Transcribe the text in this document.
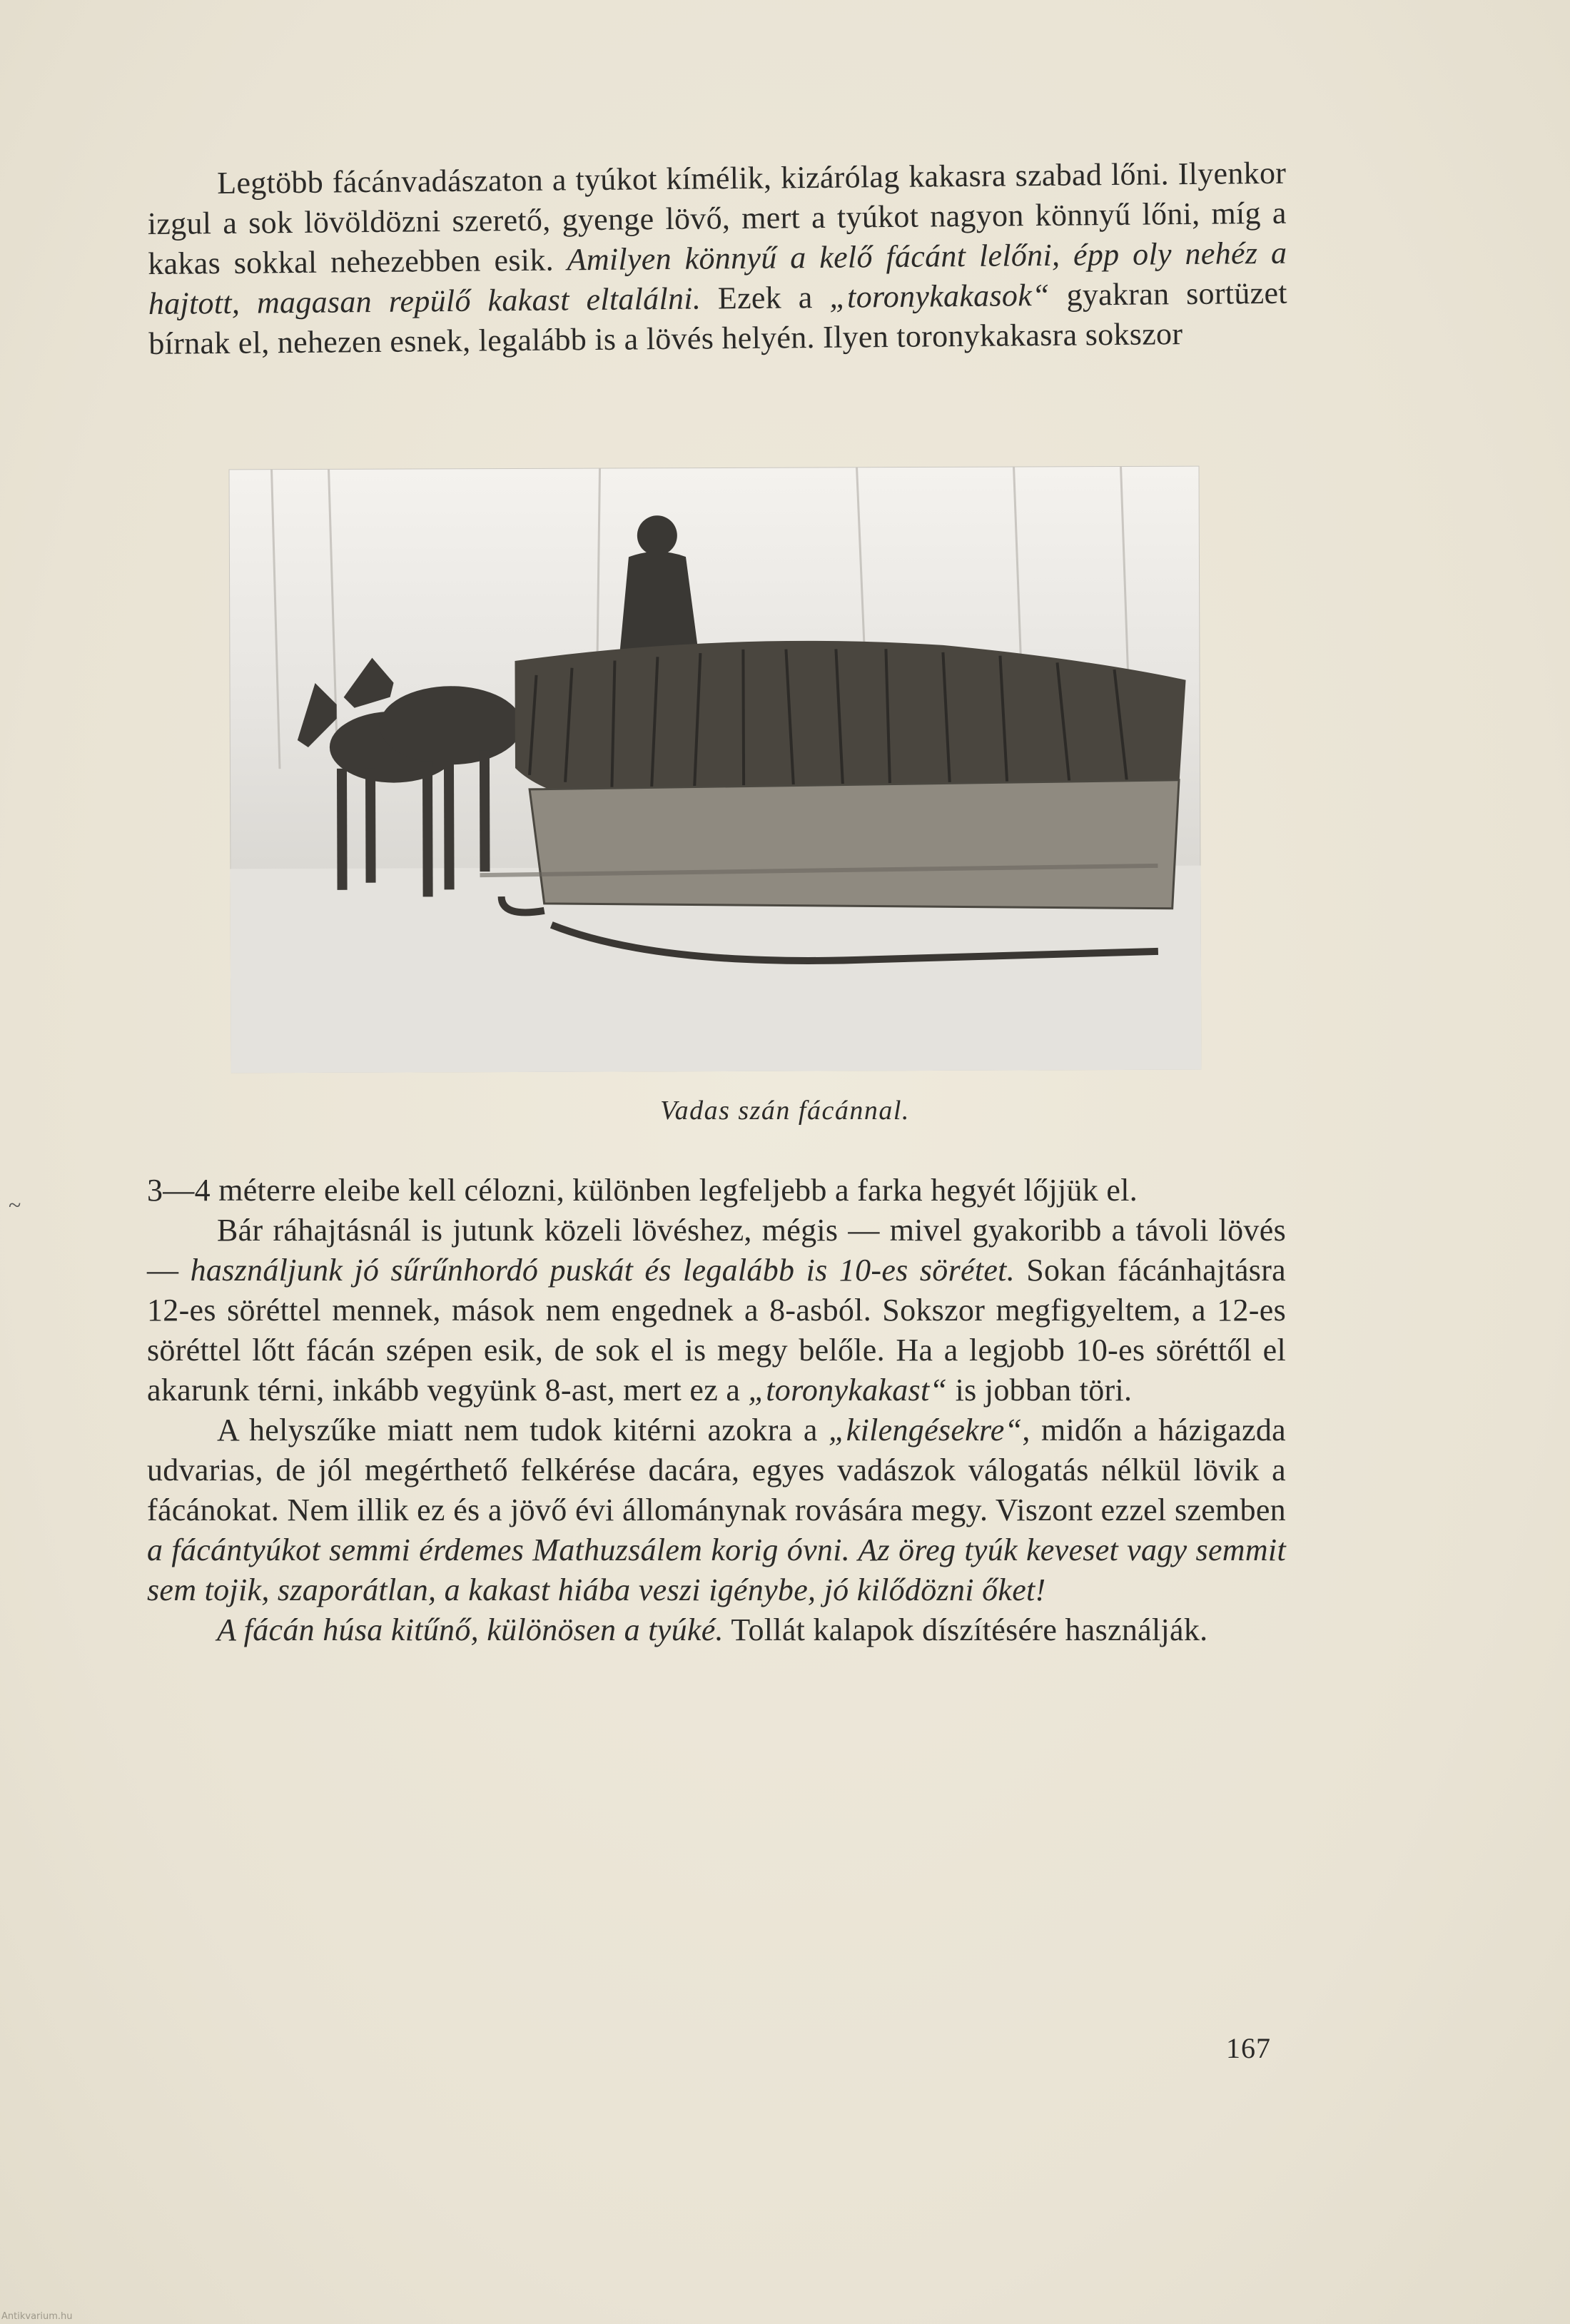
Legtöbb fácánvadászaton a tyúkot kímélik, kizárólag kakasra szabad lőni. Ilyenkor izgul a sok lövöldözni szerető, gyenge lövő, mert a tyúkot nagyon könnyű lőni, míg a kakas sokkal nehezebben esik. Amilyen könnyű a kelő fácánt lelőni, épp oly nehéz a hajtott, magasan repülő kakast eltalálni. Ezek a „toronykakasok“ gyakran sortüzet bírnak el, nehezen esnek, legalább is a lövés helyén. Ilyen toronykakasra sokszor

Vadas szán fácánnal.
~	3—4 méterre eleibe kell célozni, különben legfeljebb a farka hegyét lőjjük el.

Bár ráhajtásnál is jutunk közeli lövéshez, mégis — mivel gyakoribb a távoli lövés — használjunk jó sűrűnhordó puskát és legalább is 10-es sörétet. Sokan fácánhajtásra 12-es söréttel mennek, mások nem engednek a 8-asból. Sokszor megfigyeltem, a 12-es söréttel lőtt fácán szépen esik, de sok el is megy belőle. Ha a legjobb 10-es söréttől el akarunk térni, inkább vegyünk 8-ast, mert ez a „toronykakast“ is jobban töri.

A helyszűke miatt nem tudok kitérni azokra a „kilengésekre“, midőn a házigazda udvarias, de jól megérthető felkérése dacára, egyes vadászok válogatás nélkül lövik a fácánokat. Nem illik ez és a jövő évi állománynak rovására megy. Viszont ezzel szemben a fácántyúkot semmi érdemes Mathuzsálem korig óvni. Az öreg tyúk keveset vagy semmit sem tojik, szaporátlan, a kakast hiába veszi igénybe, jó kilődözni őket!

A fácán húsa kitűnő, különösen a tyúké. Tollát kalapok díszítésére használják.

167
Antikvarium.hu
